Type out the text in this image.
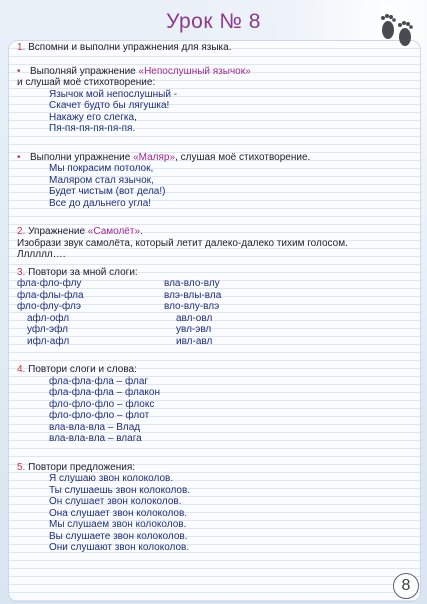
Урок № 8
1. Вспомни и выполни упражнения для языка.
• Выполняй упражнение «Непослушный язычок»
и слушай моё стихотворение:
Язычок мой непослушный -
Скачет будто бы лягушка!
Накажу его слегка,
Пя-пя-пя-пя-пя-пя.
• Выполни упражнение «Маляр», слушая моё стихотворение.
Мы покрасим потолок,
Маляром стал язычок,
Будет чистым (вот дела!)
Все до дальнего угла!
2. Упражнение «Самолёт».
Изобрази звук самолёта, который летит далеко-далеко тихим голосом.
Лллллл….
3. Повтори за мной слоги:
фла-фло-флу	вла-вло-влу
фла-флы-фла	влэ-влы-вла
фло-флу-флэ	вло-влу-влэ
афл-офл	авл-овл
уфл-эфл	увл-эвл
ифл-афл	ивл-авл
4. Повтори слоги и слова:
фла-фла-фла – флаг
фла-фла-фла – флакон
фло-фло-фло – флокс
фло-фло-фло – флот
вла-вла-вла – Влад
вла-вла-вла – влага
5. Повтори предложения:
Я слушаю звон колоколов.
Ты слушаешь звон колоколов.
Он слушает звон колоколов.
Она слушает звон колоколов.
Мы слушаем звон колоколов.
Вы слушаете звон колоколов.
Они слушают звон колоколов.
8
